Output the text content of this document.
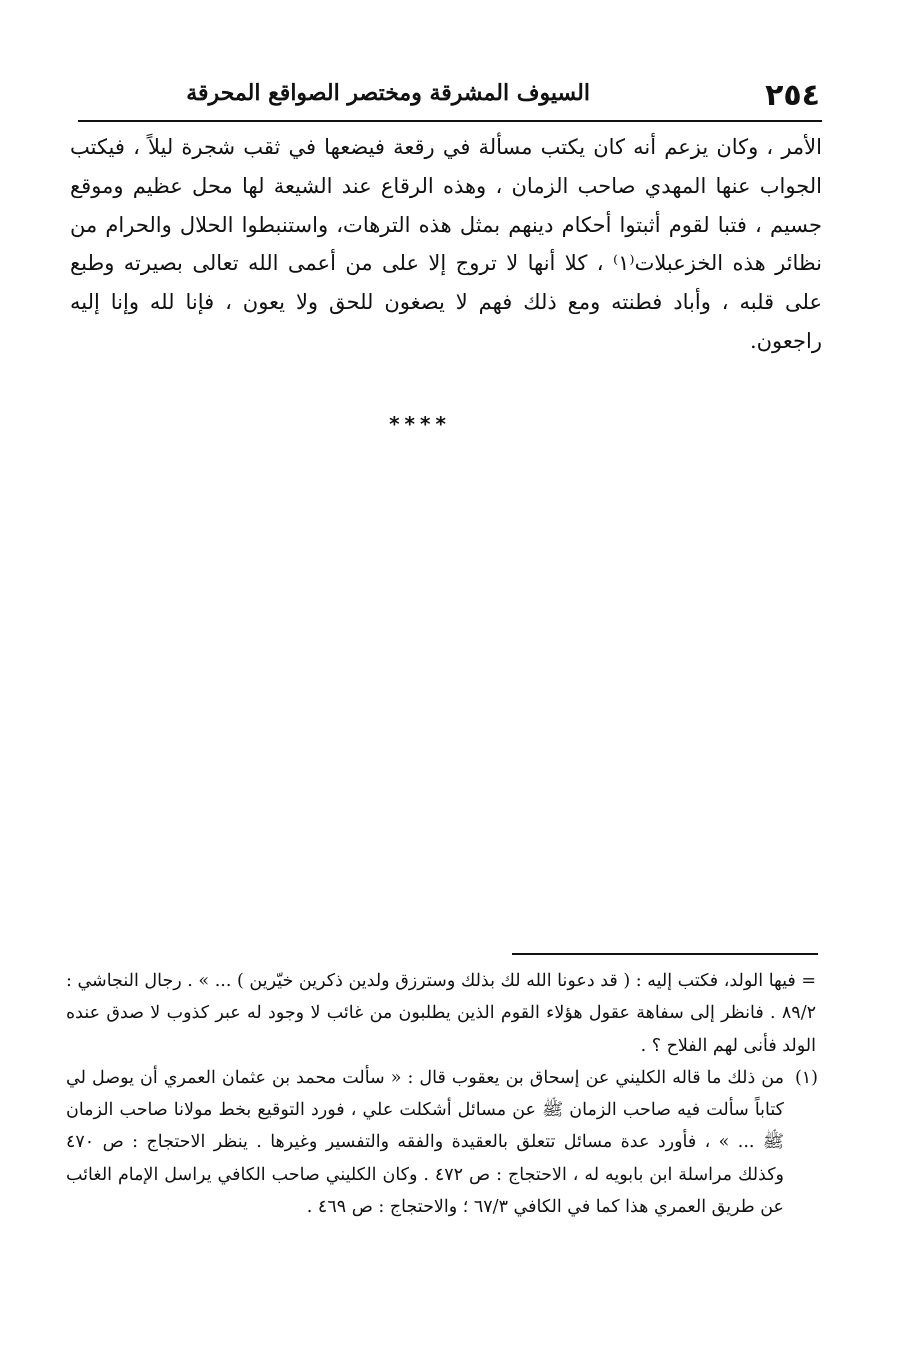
٢٥٤
السيوف المشرقة ومختصر الصواقع المحرقة

الأمر ، وكان يزعم أنه كان يكتب مسألة في رقعة فيضعها في ثقب شجرة ليلاً ، فيكتب الجواب عنها المهدي صاحب الزمان ، وهذه الرقاع عند الشيعة لها محل عظيم وموقع جسيم ، فتبا لقوم أثبتوا أحكام دينهم بمثل هذه الترهات، واستنبطوا الحلال والحرام من نظائر هذه الخزعبلات⁽١⁾ ، كلا أنها لا تروج إلا على من أعمى الله تعالى بصيرته وطبع على قلبه ، وأباد فطنته ومع ذلك فهم لا يصغون للحق ولا يعون ، فإنا لله وإنا إليه راجعون.

****

= فيها الولد، فكتب إليه : ( قد دعونا الله لك بذلك وسترزق ولدين ذكرين خيّرين ) ... » . رجال النجاشي : ٨٩/٢ . فانظر إلى سفاهة عقول هؤلاء القوم الذين يطلبون من غائب لا وجود له عبر كذوب لا صدق عنده الولد فأنى لهم الفلاح ؟ .

(١)
من ذلك ما قاله الكليني عن إسحاق بن يعقوب قال : « سألت محمد بن عثمان العمري أن يوصل لي كتاباً سألت فيه صاحب الزمان ﷺ عن مسائل أشكلت علي ، فورد التوقيع بخط مولانا صاحب الزمان ﷺ ... » ، فأورد عدة مسائل تتعلق بالعقيدة والفقه والتفسير وغيرها . ينظر الاحتجاج : ص ٤٧٠ وكذلك مراسلة ابن بابويه له ، الاحتجاج : ص ٤٧٢ . وكان الكليني صاحب الكافي يراسل الإمام الغائب عن طريق العمري هذا كما في الكافي ٦٧/٣ ؛ والاحتجاج : ص ٤٦٩ .
